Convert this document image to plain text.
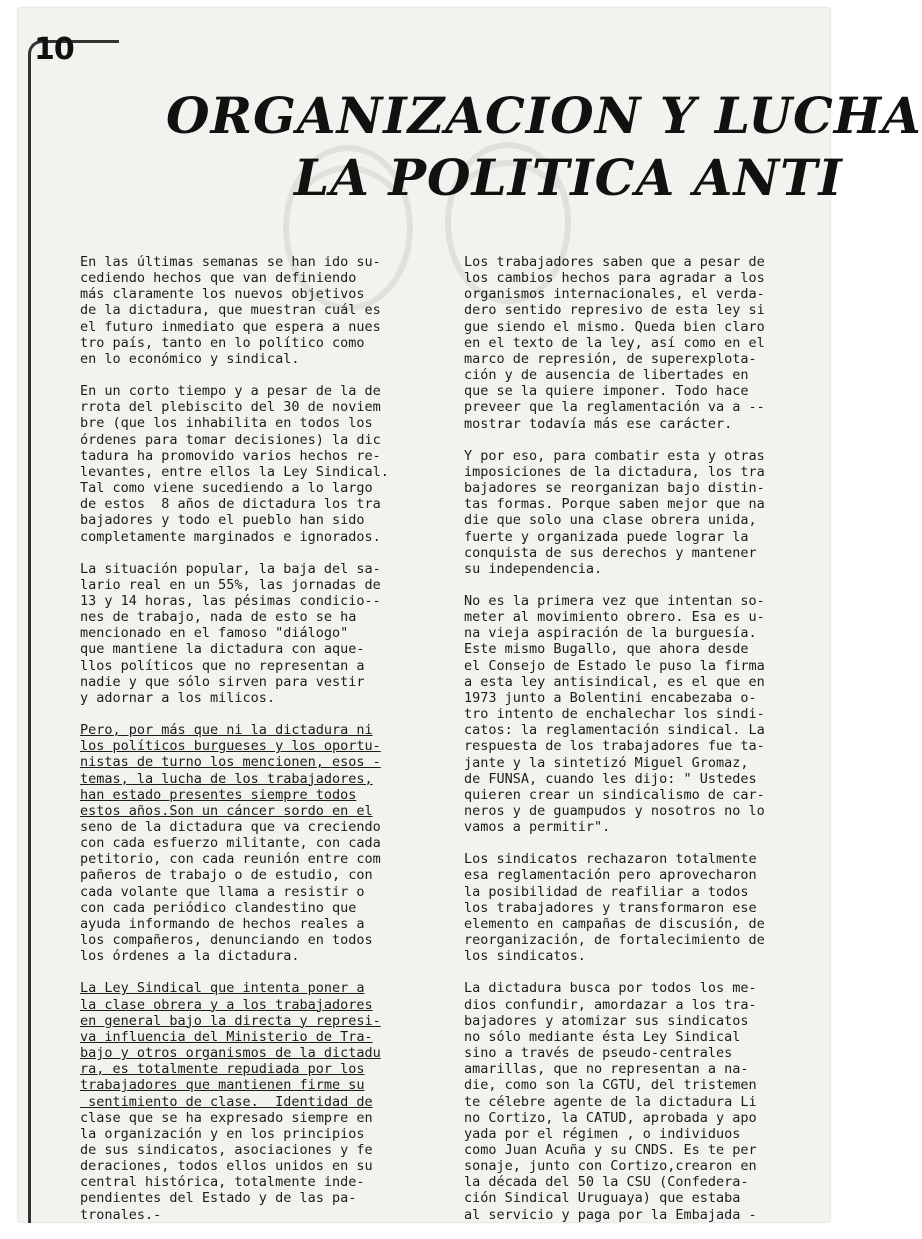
10
ORGANIZACION Y LUCHA
LA POLITICA ANTI

En las últimas semanas se han ido su-
cediendo hechos que van definiendo
más claramente los nuevos objetivos
de la dictadura, que muestran cuál es
el futuro inmediato que espera a nues
tro país, tanto en lo político como
en lo económico y sindical.

En un corto tiempo y a pesar de la de
rrota del plebiscito del 30 de noviem
bre (que los inhabilita en todos los
órdenes para tomar decisiones) la dic
tadura ha promovido varios hechos re-
levantes, entre ellos la Ley Sindical.
Tal como viene sucediendo a lo largo
de estos  8 años de dictadura los tra
bajadores y todo el pueblo han sido
completamente marginados e ignorados.

La situación popular, la baja del sa-
lario real en un 55%, las jornadas de
13 y 14 horas, las pésimas condicio--
nes de trabajo, nada de esto se ha
mencionado en el famoso "diálogo"
que mantiene la dictadura con aque-
llos políticos que no representan a
nadie y que sólo sirven para vestir
y adornar a los milicos.

Pero, por más que ni la dictadura ni
los políticos burgueses y los oportu-
nistas de turno los mencionen, esos -
temas, la lucha de los trabajadores,
han estado presentes siempre todos
estos años.Son un cáncer sordo en el
seno de la dictadura que va creciendo
con cada esfuerzo militante, con cada
petitorio, con cada reunión entre com
pañeros de trabajo o de estudio, con
cada volante que llama a resistir o
con cada periódico clandestino que
ayuda informando de hechos reales a
los compañeros, denunciando en todos
los órdenes a la dictadura.

La Ley Sindical que intenta poner a
la clase obrera y a los trabajadores
en general bajo la directa y represi-
va influencia del Ministerio de Tra-
bajo y otros organismos de la dictadu
ra, es totalmente repudiada por los
trabajadores que mantienen firme su
sentimiento de clase.  Identidad de
clase que se ha expresado siempre en
la organización y en los principios
de sus sindicatos, asociaciones y fe
deraciones, todos ellos unidos en su
central histórica, totalmente inde-
pendientes del Estado y de las pa-
tronales.-

Los trabajadores saben que a pesar de
los cambios hechos para agradar a los
organismos internacionales, el verda-
dero sentido represivo de esta ley si
gue siendo el mismo. Queda bien claro
en el texto de la ley, así como en el
marco de represión, de superexplota-
ción y de ausencia de libertades en
que se la quiere imponer. Todo hace
preveer que la reglamentación va a --
mostrar todavía más ese carácter.

Y por eso, para combatir esta y otras
imposiciones de la dictadura, los tra
bajadores se reorganizan bajo distin-
tas formas. Porque saben mejor que na
die que solo una clase obrera unida,
fuerte y organizada puede lograr la
conquista de sus derechos y mantener
su independencia.

No es la primera vez que intentan so-
meter al movimiento obrero. Esa es u-
na vieja aspiración de la burguesía.
Este mismo Bugallo, que ahora desde
el Consejo de Estado le puso la firma
a esta ley antisindical, es el que en
1973 junto a Bolentini encabezaba o-
tro intento de enchalechar los sindi-
catos: la reglamentación sindical. La
respuesta de los trabajadores fue ta-
jante y la sintetizó Miguel Gromaz,
de FUNSA, cuando les dijo: " Ustedes
quieren crear un sindicalismo de car-
neros y de guampudos y nosotros no lo
vamos a permitir".

Los sindicatos rechazaron totalmente
esa reglamentación pero aprovecharon
la posibilidad de reafiliar a todos
los trabajadores y transformaron ese
elemento en campañas de discusión, de
reorganización, de fortalecimiento de
los sindicatos.

La dictadura busca por todos los me-
dios confundir, amordazar a los tra-
bajadores y atomizar sus sindicatos
no sólo mediante ésta Ley Sindical
sino a través de pseudo-centrales
amarillas, que no representan a na-
die, como son la CGTU, del tristemen
te célebre agente de la dictadura Li
no Cortizo, la CATUD, aprobada y apo
yada por el régimen , o individuos
como Juan Acuña y su CNDS. Es te per
sonaje, junto con Cortizo,crearon en
la década del 50 la CSU (Confedera-
ción Sindical Uruguaya) que estaba
al servicio y paga por la Embajada -
